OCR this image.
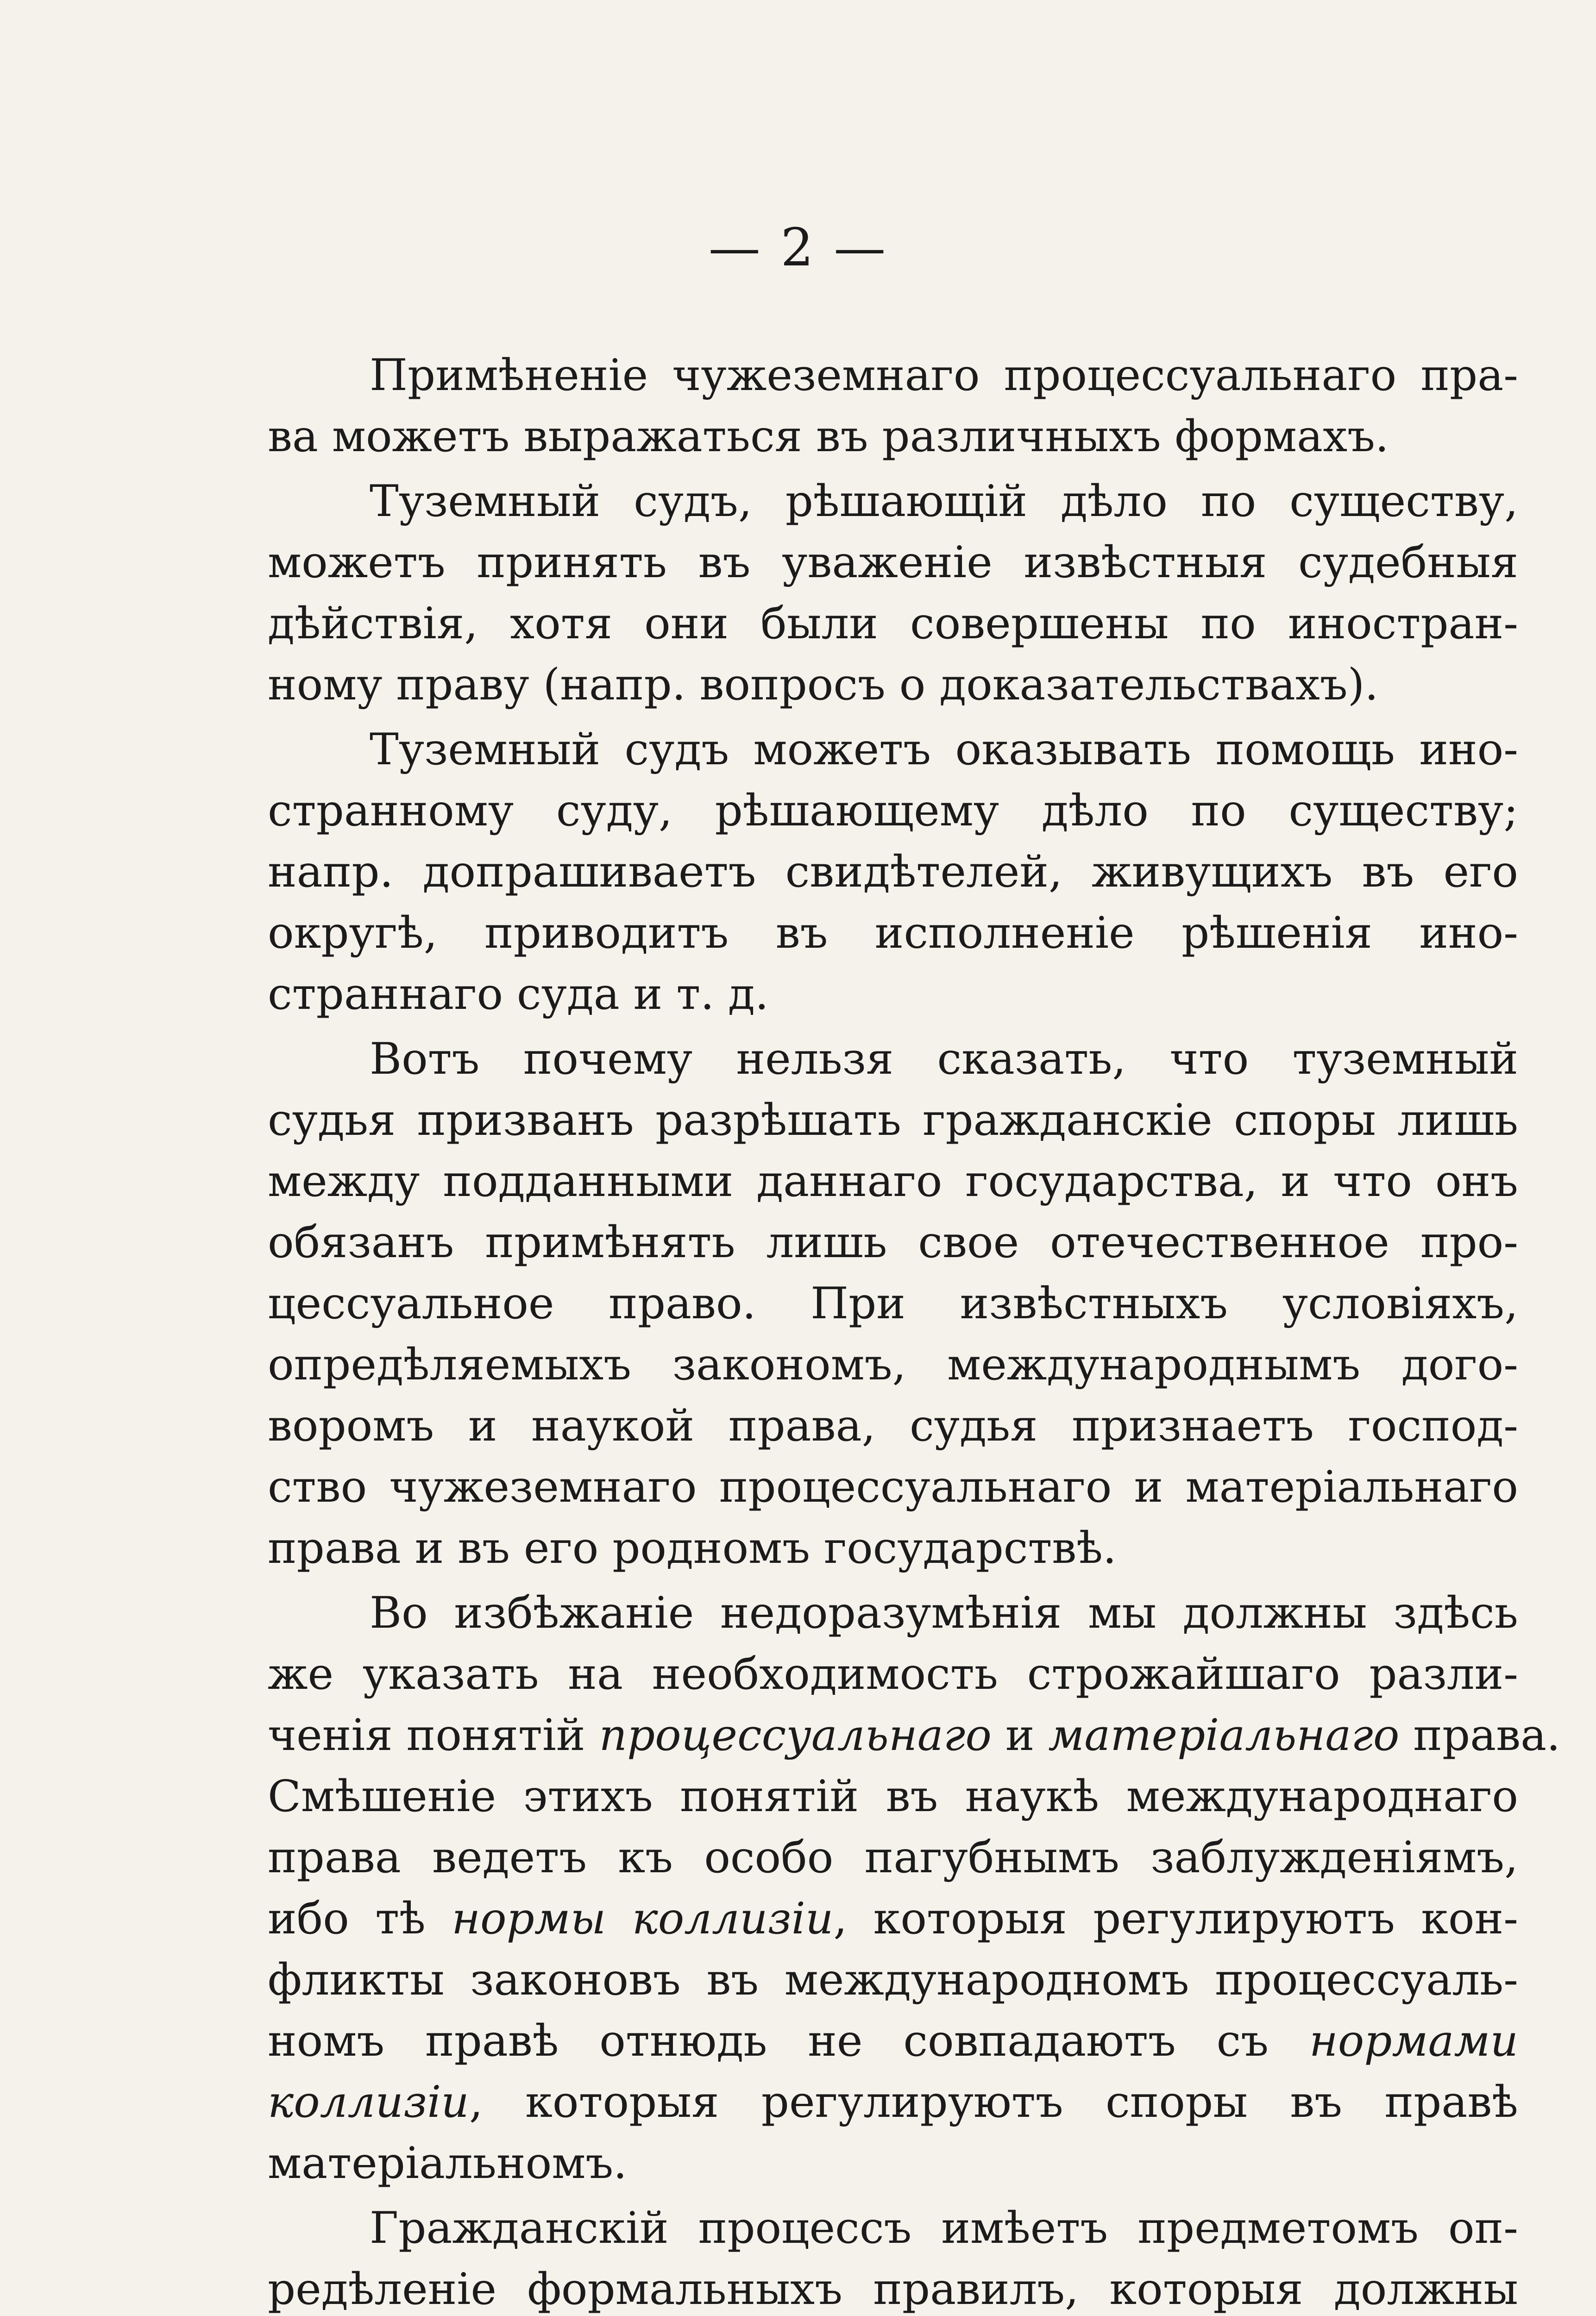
— 2 —
Примѣненіе чужеземнаго процессуальнаго пра-
ва можетъ выражаться въ различныхъ формахъ.
Туземный судъ, рѣшающій дѣло по существу,
можетъ принять въ уваженіе извѣстныя судебныя
дѣйствія, хотя они были совершены по иностран-
ному праву (напр. вопросъ о доказательствахъ).
Туземный судъ можетъ оказывать помощь ино-
странному суду, рѣшающему дѣло по существу;
напр. допрашиваетъ свидѣтелей, живущихъ въ его
округѣ, приводитъ въ исполненіе рѣшенія ино-
страннаго суда и т. д.
Вотъ почему нельзя сказать, что туземный
судья призванъ разрѣшать гражданскіе споры лишь
между подданными даннаго государства, и что онъ
обязанъ примѣнять лишь свое отечественное про-
цессуальное право. При извѣстныхъ условіяхъ,
опредѣляемыхъ закономъ, международнымъ дого-
воромъ и наукой права, судья признаетъ господ-
ство чужеземнаго процессуальнаго и матеріальнаго
права и въ его родномъ государствѣ.
Во избѣжаніе недоразумѣнія мы должны здѣсь
же указать на необходимость строжайшаго разли-
ченія понятій процессуальнаго и матеріальнаго права.
Смѣшеніе этихъ понятій въ наукѣ международнаго
права ведетъ къ особо пагубнымъ заблужденіямъ,
ибо тѣ нормы коллизіи, которыя регулируютъ кон-
фликты законовъ въ международномъ процессуаль-
номъ правѣ отнюдь не совпадаютъ съ нормами
коллизіи, которыя регулируютъ споры въ правѣ
матеріальномъ.
Гражданскій процессъ имѣетъ предметомъ оп-
редѣленіе формальныхъ правилъ, которыя должны
